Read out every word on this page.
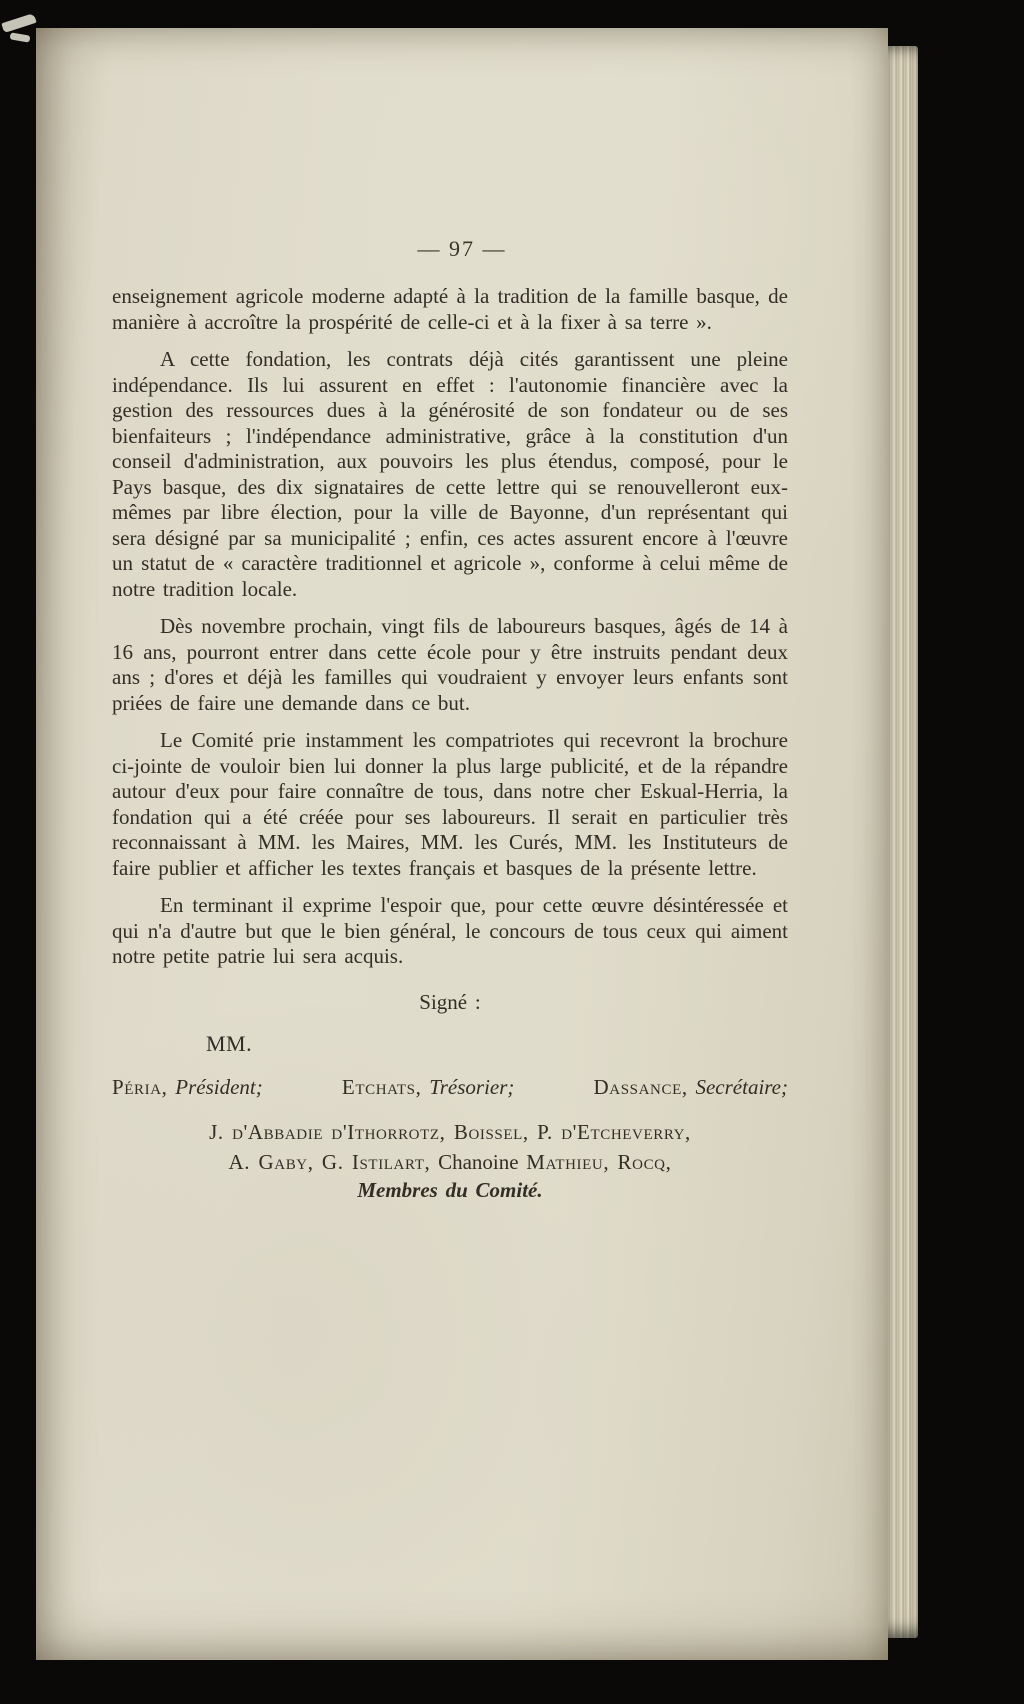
— 97 —

enseignement agricole moderne adapté à la tradition de la famille basque, de manière à accroître la prospérité de celle-ci et à la fixer à sa terre ».

A cette fondation, les contrats déjà cités garantissent une pleine indépendance. Ils lui assurent en effet : l'autonomie financière avec la gestion des ressources dues à la générosité de son fondateur ou de ses bienfaiteurs ; l'indépendance administrative, grâce à la constitution d'un conseil d'administration, aux pouvoirs les plus étendus, composé, pour le Pays basque, des dix signataires de cette lettre qui se renouvelleront eux-mêmes par libre élection, pour la ville de Bayonne, d'un représentant qui sera désigné par sa municipalité ; enfin, ces actes assurent encore à l'œuvre un statut de « caractère traditionnel et agricole », conforme à celui même de notre tradition locale.

Dès novembre prochain, vingt fils de laboureurs basques, âgés de 14 à 16 ans, pourront entrer dans cette école pour y être instruits pendant deux ans ; d'ores et déjà les familles qui voudraient y envoyer leurs enfants sont priées de faire une demande dans ce but.

Le Comité prie instamment les compatriotes qui recevront la brochure ci-jointe de vouloir bien lui donner la plus large publicité, et de la répandre autour d'eux pour faire connaître de tous, dans notre cher Eskual-Herria, la fondation qui a été créée pour ses laboureurs. Il serait en particulier très reconnaissant à MM. les Maires, MM. les Curés, MM. les Instituteurs de faire publier et afficher les textes français et basques de la présente lettre.

En terminant il exprime l'espoir que, pour cette œuvre désintéressée et qui n'a d'autre but que le bien général, le concours de tous ceux qui aiment notre petite patrie lui sera acquis.

Signé :
MM.
Péria, Président;	Etchats, Trésorier;	Dassance, Secrétaire;
J. d'Abbadie d'Ithorrotz, Boissel, P. d'Etcheverry,
A. Gaby, G. Istilart, Chanoine Mathieu, Rocq,
Membres du Comité.
